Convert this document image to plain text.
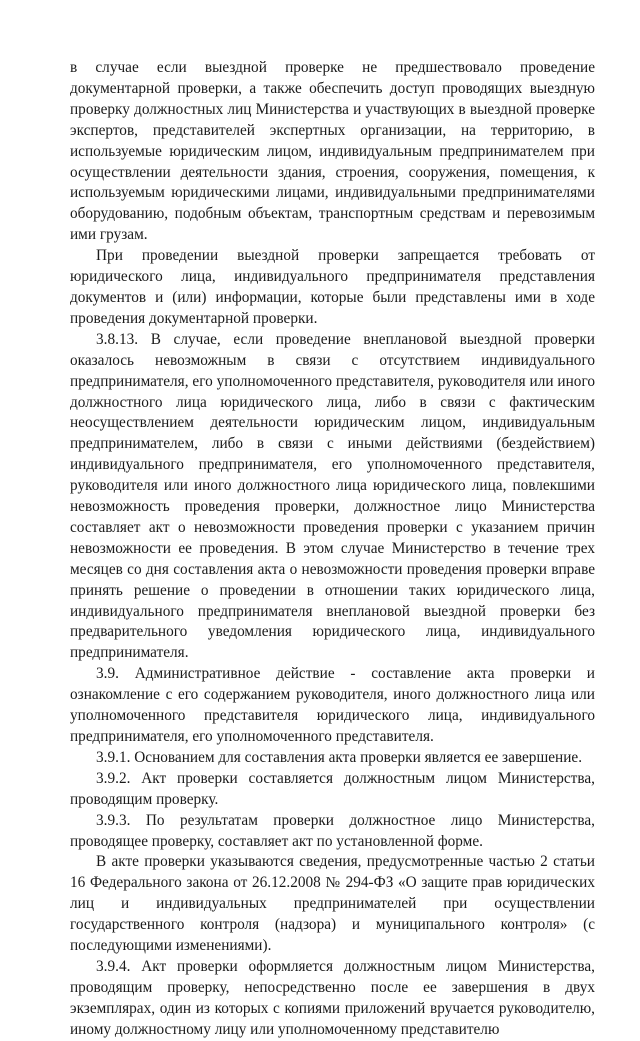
в случае если выездной проверке не предшествовало проведение документарной проверки, а также обеспечить доступ проводящих выездную проверку должностных лиц Министерства и участвующих в выездной проверке экспертов, представителей экспертных организации, на территорию, в используемые юридическим лицом, индивидуальным предпринимателем при осуществлении деятельности здания, строения, сооружения, помещения, к используемым юридическими лицами, индивидуальными предпринимателями оборудованию, подобным объектам, транспортным средствам и перевозимым ими грузам.

При проведении выездной проверки запрещается требовать от юридического лица, индивидуального предпринимателя представления документов и (или) информации, которые были представлены ими в ходе проведения документарной проверки.

3.8.13. В случае, если проведение внеплановой выездной проверки оказалось невозможным в связи с отсутствием индивидуального предпринимателя, его уполномоченного представителя, руководителя или иного должностного лица юридического лица, либо в связи с фактическим неосуществлением деятельности юридическим лицом, индивидуальным предпринимателем, либо в связи с иными действиями (бездействием) индивидуального предпринимателя, его уполномоченного представителя, руководителя или иного должностного лица юридического лица, повлекшими невозможность проведения проверки, должностное лицо Министерства составляет акт о невозможности проведения проверки с указанием причин невозможности ее проведения. В этом случае Министерство в течение трех месяцев со дня составления акта о невозможности проведения проверки вправе принять решение о проведении в отношении таких юридического лица, индивидуального предпринимателя внеплановой выездной проверки без предварительного уведомления юридического лица, индивидуального предпринимателя.

3.9. Административное действие - составление акта проверки и ознакомление с его содержанием руководителя, иного должностного лица или уполномоченного представителя юридического лица, индивидуального предпринимателя, его уполномоченного представителя.

3.9.1. Основанием для составления акта проверки является ее завершение.

3.9.2. Акт проверки составляется должностным лицом Министерства, проводящим проверку.

3.9.3. По результатам проверки должностное лицо Министерства, проводящее проверку, составляет акт по установленной форме.

В акте проверки указываются сведения, предусмотренные частью 2 статьи 16 Федерального закона от 26.12.2008 № 294-ФЗ «О защите прав юридических лиц и индивидуальных предпринимателей при осуществлении государственного контроля (надзора) и муниципального контроля» (с последующими изменениями).

3.9.4. Акт проверки оформляется должностным лицом Министерства, проводящим проверку, непосредственно после ее завершения в двух экземплярах, один из которых с копиями приложений вручается руководителю, иному должностному лицу или уполномоченному представителю
